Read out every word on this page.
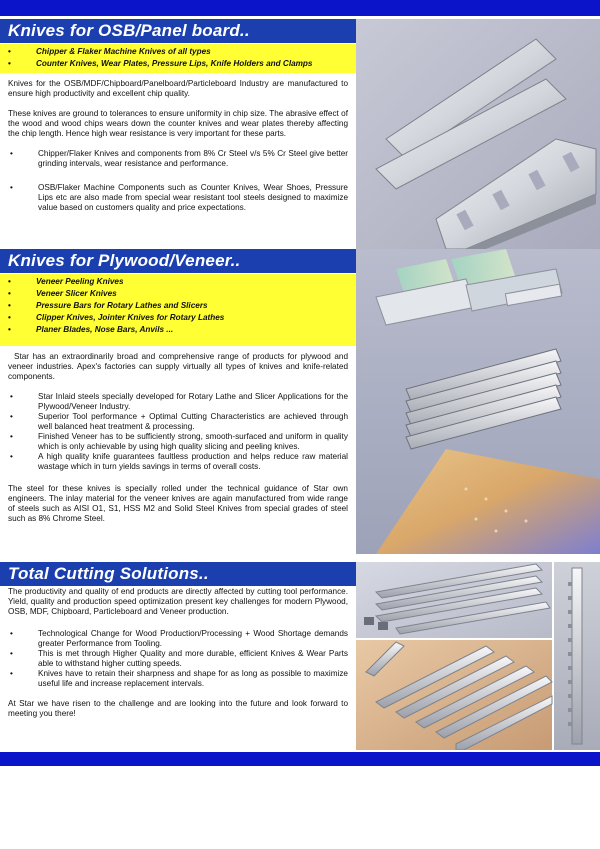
Knives for OSB/Panel board..
• Chipper & Flaker Machine Knives of all types
• Counter Knives, Wear Plates, Pressure Lips, Knife Holders and Clamps

Knives for the OSB/MDF/Chipboard/Panelboard/Particleboard Industry are manufactured to ensure high productivity and excellent chip quality.

These knives are ground to tolerances to ensure uniformity in chip size. The abrasive effect of the wood and wood chips wears down the counter knives and wear plates thereby affecting the chip length. Hence high wear resistance is very important for these parts.

• Chipper/Flaker Knives and components from 8% Cr Steel v/s 5% Cr Steel give better grinding intervals, wear resistance and performance.
• OSB/Flaker Machine Components such as Counter Knives, Wear Shoes, Pressure Lips etc are also made from special wear resistant tool steels designed to maximize value based on customers quality and price expectations.
Knives for Plywood/Veneer..
• Veneer Peeling Knives
• Veneer Slicer Knives
• Pressure Bars for Rotary Lathes and Slicers
• Clipper Knives, Jointer Knives for Rotary Lathes
• Planer Blades, Nose Bars, Anvils ...

Star has an extraordinarily broad and comprehensive range of products for plywood and veneer industries. Apex's factories can supply virtually all types of knives and knife-related components.

• Star Inlaid steels specially developed for Rotary Lathe and Slicer Applications for the Plywood/Veneer Industry.
• Superior Tool performance + Optimal Cutting Characteristics are achieved through well balanced heat treatment & processing.
• Finished Veneer has to be sufficiently strong, smooth-surfaced and uniform in quality which is only achievable by using high quality slicing and peeling knives.
• A high quality knife guarantees faultless production and helps reduce raw material wastage which in turn yields savings in terms of overall costs.

The steel for these knives is specially rolled under the technical guidance of Star own engineers. The inlay material for the veneer knives are again manufactured from wide range of steels such as AISI O1, S1, HSS M2 and Solid Steel Knives from special grades of steel such as 8% Chrome Steel.

Total Cutting Solutions..

The productivity and quality of end products are directly affected by cutting tool performance. Yield, quality and production speed optimization present key challenges for modern Plywood, OSB, MDF, Chipboard, Particleboard and Veneer production.

• Technological Change for Wood Production/Processing + Wood Shortage demands greater Performance from Tooling.
• This is met through Higher Quality and more durable, efficient Knives & Wear Parts able to withstand higher cutting speeds.
• Knives have to retain their sharpness and shape for as long as possible to maximize useful life and increase replacement intervals.

At Star we have risen to the challenge and are looking into the future and look forward to meeting you there!
